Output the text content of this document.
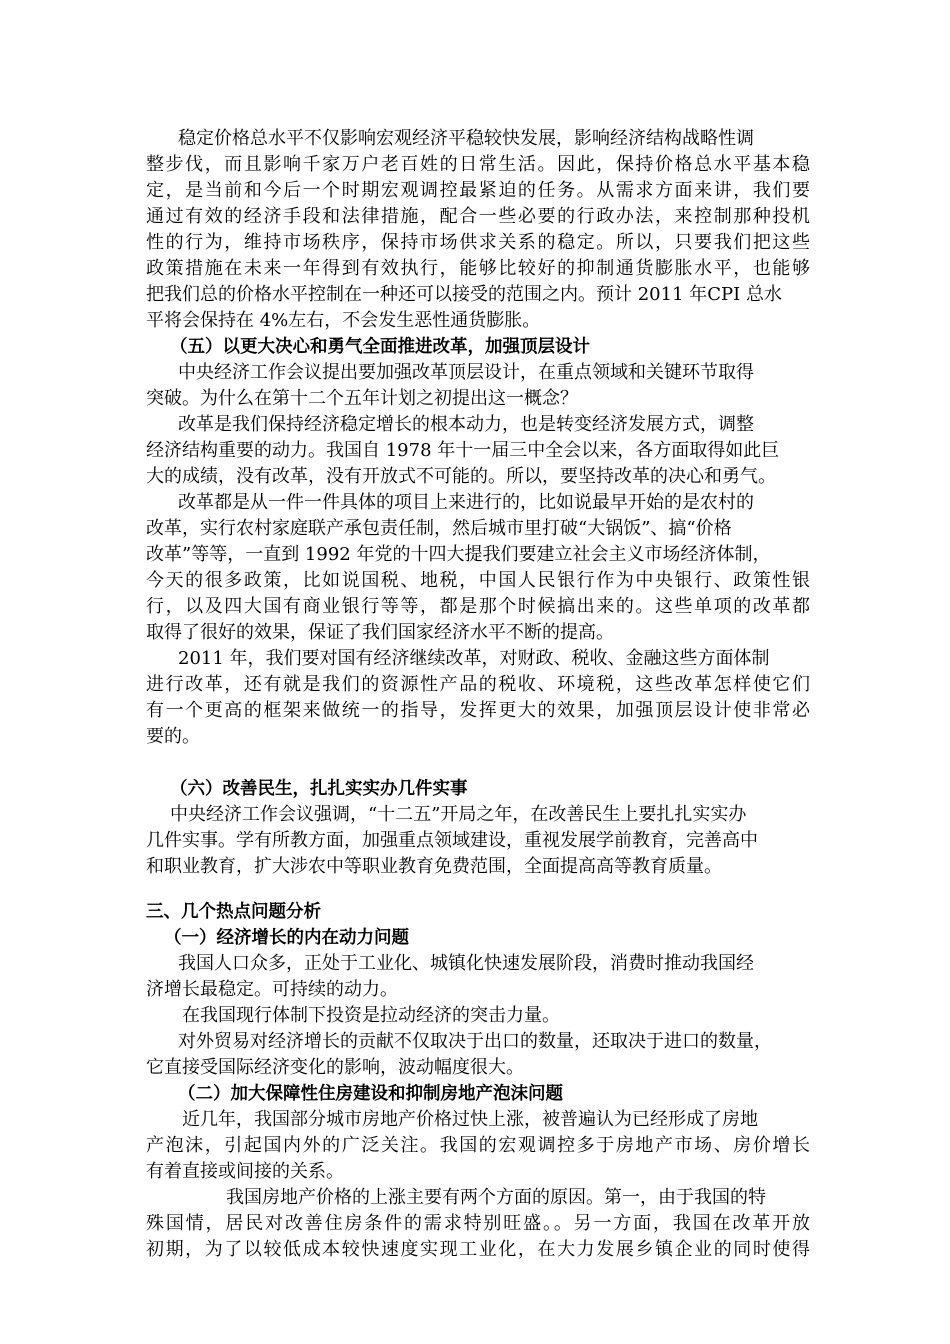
稳定价格总水平不仅影响宏观经济平稳较快发展，影响经济结构战略性调
整步伐，而且影响千家万户老百姓的日常生活。因此，保持价格总水平基本稳
定，是当前和今后一个时期宏观调控最紧迫的任务。从需求方面来讲，我们要
通过有效的经济手段和法律措施，配合一些必要的行政办法，来控制那种投机
性的行为，维持市场秩序，保持市场供求关系的稳定。所以，只要我们把这些
政策措施在未来一年得到有效执行，能够比较好的抑制通货膨胀水平，也能够
把我们总的价格水平控制在一种还可以接受的范围之内。预计 2011 年CPI 总水
平将会保持在 4%左右，不会发生恶性通货膨胀。
（五）以更大决心和勇气全面推进改革，加强顶层设计
中央经济工作会议提出要加强改革顶层设计，在重点领域和关键环节取得
突破。为什么在第十二个五年计划之初提出这一概念？
改革是我们保持经济稳定增长的根本动力，也是转变经济发展方式，调整
经济结构重要的动力。我国自 1978 年十一届三中全会以来，各方面取得如此巨
大的成绩，没有改革，没有开放式不可能的。所以，要坚持改革的决心和勇气。
改革都是从一件一件具体的项目上来进行的，比如说最早开始的是农村的
改革，实行农村家庭联产承包责任制，然后城市里打破“大锅饭”、搞“价格
改革”等等，一直到 1992 年党的十四大提我们要建立社会主义市场经济体制，
今天的很多政策，比如说国税、地税，中国人民银行作为中央银行、政策性银
行，以及四大国有商业银行等等，都是那个时候搞出来的。这些单项的改革都
取得了很好的效果，保证了我们国家经济水平不断的提高。
2011 年，我们要对国有经济继续改革，对财政、税收、金融这些方面体制
进行改革，还有就是我们的资源性产品的税收、环境税，这些改革怎样使它们
有一个更高的框架来做统一的指导，发挥更大的效果，加强顶层设计使非常必
要的。
（六）改善民生，扎扎实实办几件实事
中央经济工作会议强调，“十二五”开局之年，在改善民生上要扎扎实实办
几件实事。学有所教方面，加强重点领域建设，重视发展学前教育，完善高中
和职业教育，扩大涉农中等职业教育免费范围，全面提高高等教育质量。
三、几个热点问题分析
（一）经济增长的内在动力问题
我国人口众多，正处于工业化、城镇化快速发展阶段，消费时推动我国经
济增长最稳定。可持续的动力。
在我国现行体制下投资是拉动经济的突击力量。
对外贸易对经济增长的贡献不仅取决于出口的数量，还取决于进口的数量，
它直接受国际经济变化的影响，波动幅度很大。
（二）加大保障性住房建设和抑制房地产泡沫问题
近几年，我国部分城市房地产价格过快上涨，被普遍认为已经形成了房地
产泡沫，引起国内外的广泛关注。我国的宏观调控多于房地产市场、房价增长
有着直接或间接的关系。
我国房地产价格的上涨主要有两个方面的原因。第一，由于我国的特
殊国情，居民对改善住房条件的需求特别旺盛。。另一方面，我国在改革开放
初期，为了以较低成本较快速度实现工业化，在大力发展乡镇企业的同时使得
